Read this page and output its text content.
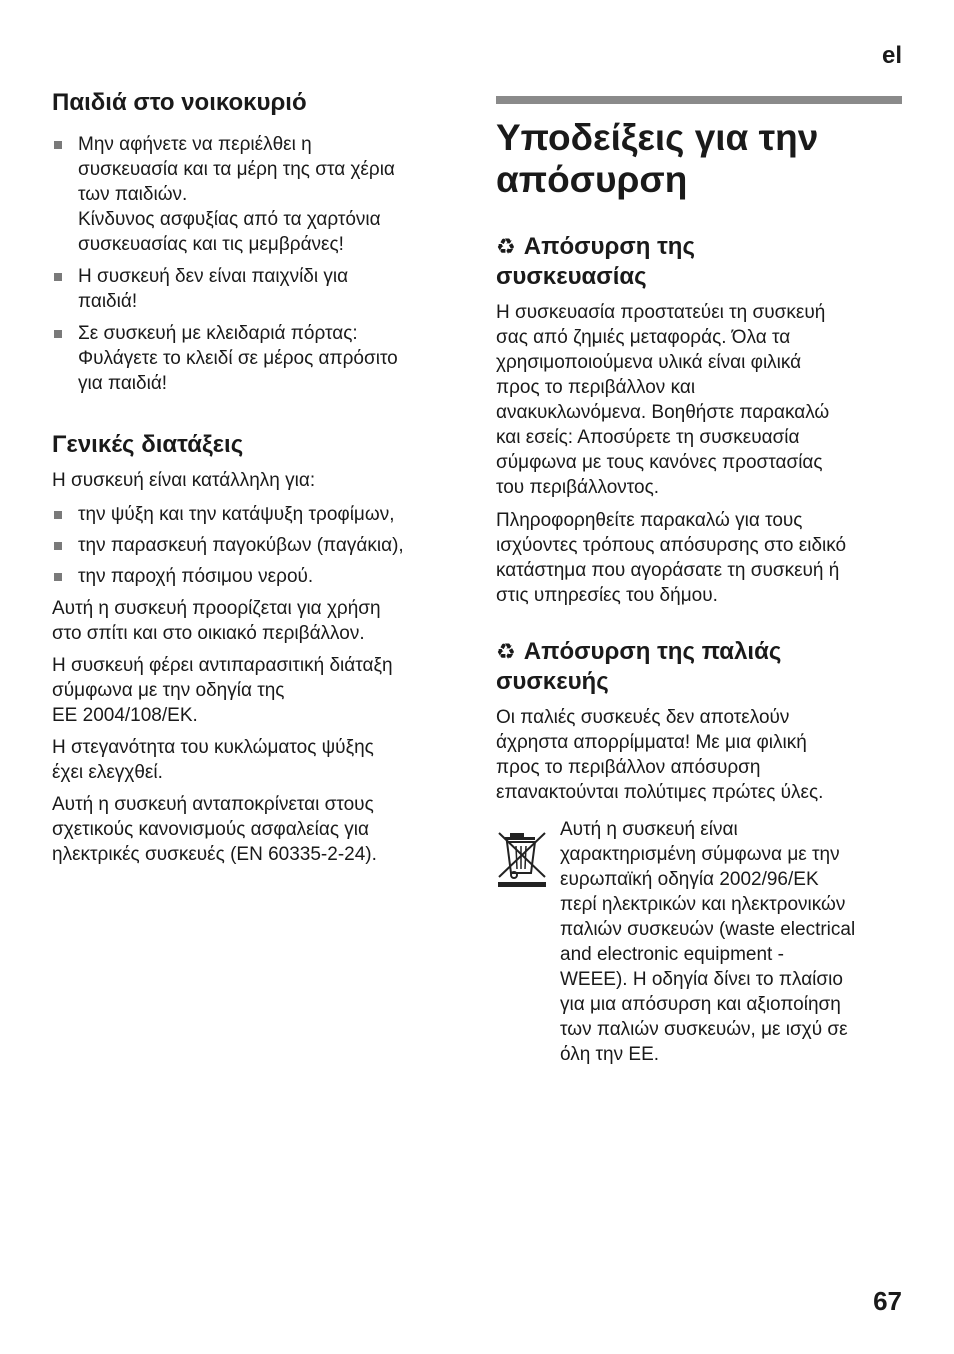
el
Παιδιά στο νοικοκυριό
Μην αφήνετε να περιέλθει η
συσκευασία και τα μέρη της στα χέρια
των παιδιών.
Κίνδυνος ασφυξίας από τα χαρτόνια
συσκευασίας και τις μεμβράνες!
Η συσκευή δεν είναι παιχνίδι για
παιδιά!
Σε συσκευή με κλειδαριά πόρτας:
Φυλάγετε το κλειδί σε μέρος απρόσιτο
για παιδιά!
Γενικές διατάξεις

Η συσκευή είναι κατάλληλη για:

την ψύξη και την κατάψυξη τροφίμων,
την παρασκευή παγοκύβων (παγάκια),
την παροχή πόσιμου νερού.

Αυτή η συσκευή προορίζεται για χρήση
στο σπίτι και στο οικιακό περιβάλλον.

Η συσκευή φέρει αντιπαρασιτική διάταξη
σύμφωνα με την οδηγία της
ΕΕ 2004/108/ΕΚ.

Η στεγανότητα του κυκλώματος ψύξης
έχει ελεγχθεί.

Αυτή η συσκευή ανταποκρίνεται στους
σχετικούς κανονισμούς ασφαλείας για
ηλεκτρικές συσκευές (EN 60335-2-24).

Υποδείξεις για την
απόσυρση
♻ Απόσυρση της
συσκευασίας

Η συσκευασία προστατεύει τη συσκευή
σας από ζημιές μεταφοράς. Όλα τα
χρησιμοποιούμενα υλικά είναι φιλικά
προς το περιβάλλον και
ανακυκλωνόμενα. Βοηθήστε παρακαλώ
και εσείς: Αποσύρετε τη συσκευασία
σύμφωνα με τους κανόνες προστασίας
του περιβάλλοντος.

Πληροφορηθείτε παρακαλώ για τους
ισχύοντες τρόπους απόσυρσης στο ειδικό
κατάστημα που αγοράσατε τη συσκευή ή
στις υπηρεσίες του δήμου.

♻ Απόσυρση της παλιάς
συσκευής

Οι παλιές συσκευές δεν αποτελούν
άχρηστα απορρίμματα! Με μια φιλική
προς το περιβάλλον απόσυρση
επανακτούνται πολύτιμες πρώτες ύλες.

Αυτή η συσκευή είναι
χαρακτηρισμένη σύμφωνα με την
ευρωπαϊκή οδηγία 2002/96/ΕΚ
περί ηλεκτρικών και ηλεκτρονικών
παλιών συσκευών (waste electrical
and electronic equipment -
WEEE). Η οδηγία δίνει το πλαίσιο
για μια απόσυρση και αξιοποίηση
των παλιών συσκευών, με ισχύ σε
όλη την ΕΕ.

67
